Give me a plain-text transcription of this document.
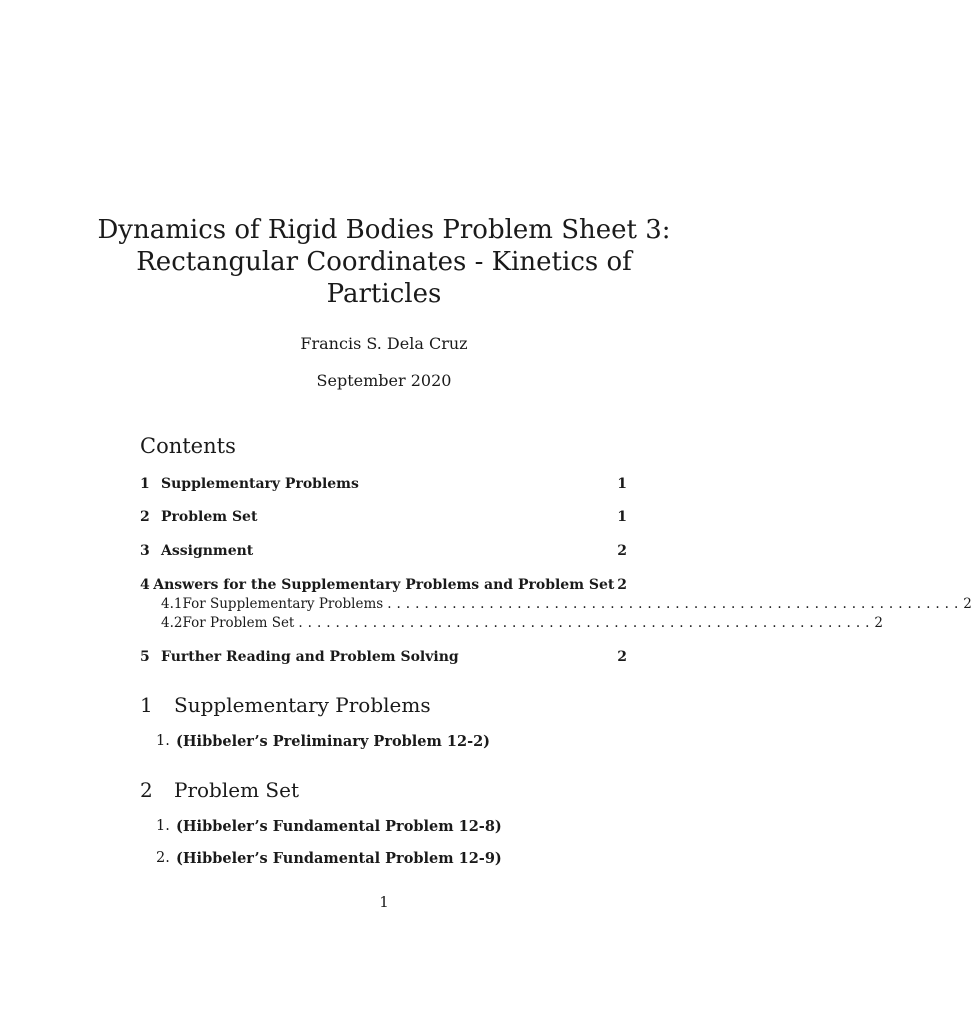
Dynamics of Rigid Bodies Problem Sheet 3:
Rectangular Coordinates - Kinetics of
Particles
Francis S. Dela Cruz
September 2020
Contents
1 Supplementary Problems	1
2 Problem Set	1
3 Assignment	2
4 Answers for the Supplementary Problems and Problem Set 2
4.1 For Supplementary Problems .............................................................. 2
4.2 For Problem Set .............................................................. 2
5 Further Reading and Problem Solving	2
1	Supplementary Problems
1. (Hibbeler’s Preliminary Problem 12-2)
2	Problem Set
1. (Hibbeler’s Fundamental Problem 12-8)
2. (Hibbeler’s Fundamental Problem 12-9)
1
